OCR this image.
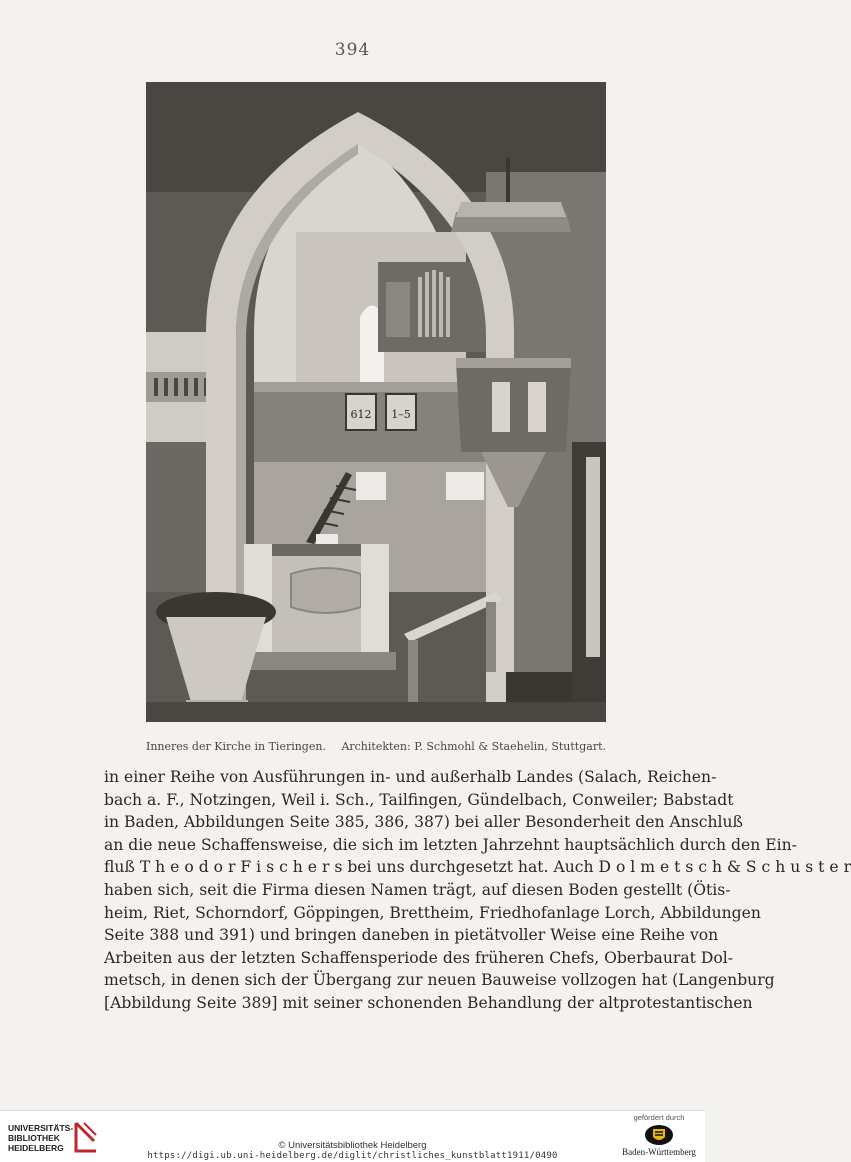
394
612 1–5
Inneres der Kirche in Tieringen. Architekten: P. Schmohl & Staehelin, Stuttgart.
in einer Reihe von Ausführungen in- und außerhalb Landes (Salach, Reichen-
bach a. F., Notzingen, Weil i. Sch., Tailfingen, Gündelbach, Conweiler; Babstadt
in Baden, Abbildungen Seite 385, 386, 387) bei aller Besonderheit den Anschluß
an die neue Schaffensweise, die sich im letzten Jahrzehnt hauptsächlich durch den Ein-
fluß T h e o d o r F i s c h e r s bei uns durchgesetzt hat. Auch D o l m e t s c h & S c h u s t e r
haben sich, seit die Firma diesen Namen trägt, auf diesen Boden gestellt (Ötis-
heim, Riet, Schorndorf, Göppingen, Brettheim, Friedhofanlage Lorch, Abbildungen
Seite 388 und 391) und bringen daneben in pietätvoller Weise eine Reihe von
Arbeiten aus der letzten Schaffensperiode des früheren Chefs, Oberbaurat Dol-
metsch, in denen sich der Übergang zur neuen Bauweise vollzogen hat (Langenburg
[Abbildung Seite 389] mit seiner schonenden Behandlung der altprotestantischen
UNIVERSITÄTS-
BIBLIOTHEK
HEIDELBERG	© Universitätsbibliothek Heidelberg
https://digi.ub.uni-heidelberg.de/diglit/christliches_kunstblatt1911/0490
gefördert durch
Baden-Württemberg
